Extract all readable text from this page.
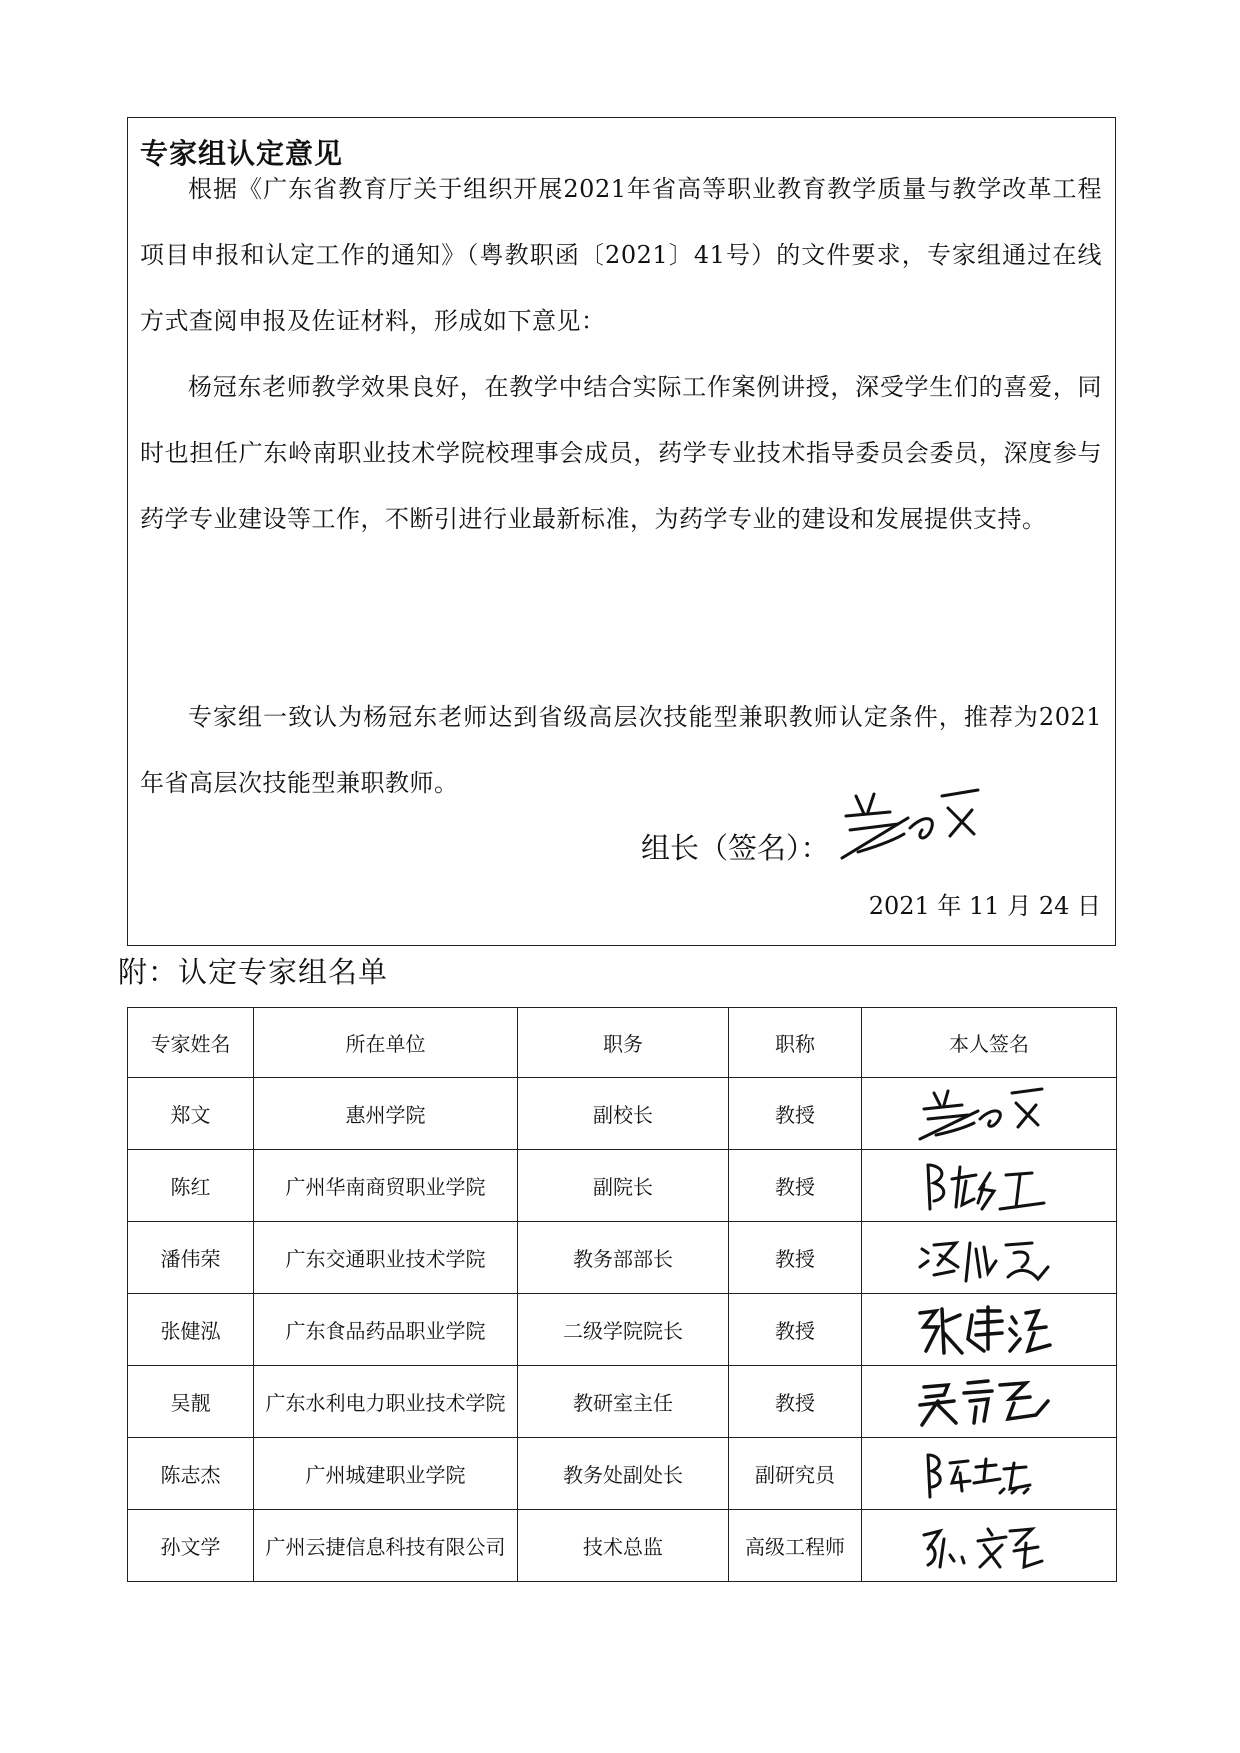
专家组认定意见

根据《广东省教育厅关于组织开展2021年省高等职业教育教学质量与教学改革工程项目申报和认定工作的通知》（粤教职函〔2021〕41号）的文件要求，专家组通过在线方式查阅申报及佐证材料，形成如下意见：

杨冠东老师教学效果良好，在教学中结合实际工作案例讲授，深受学生们的喜爱，同时也担任广东岭南职业技术学院校理事会成员，药学专业技术指导委员会委员，深度参与药学专业建设等工作，不断引进行业最新标准，为药学专业的建设和发展提供支持。

专家组一致认为杨冠东老师达到省级高层次技能型兼职教师认定条件，推荐为2021年省高层次技能型兼职教师。

组长（签名）：
2021 年 11 月 24 日
附：认定专家组名单
专家姓名	所在单位	职务	职称	本人签名
郑文	惠州学院	副校长	教授	

陈红	广州华南商贸职业学院	副院长	教授	

潘伟荣	广东交通职业技术学院	教务部部长	教授	

张健泓	广东食品药品职业学院	二级学院院长	教授	

吴靓	广东水利电力职业技术学院	教研室主任	教授	

陈志杰	广州城建职业学院	教务处副处长	副研究员	

孙文学	广州云捷信息科技有限公司	技术总监	高级工程师	
